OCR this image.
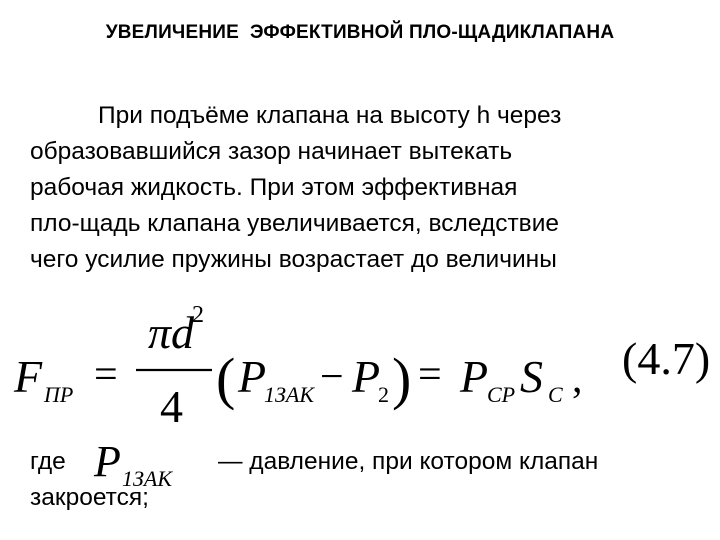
УВЕЛИЧЕНИЕ  ЭФФЕКТИВНОЙ ПЛО-ЩАДИКЛАПАНА
При подъёме клапана на высоту h через
образовавшийся зазор начинает вытекать
рабочая жидкость. При этом эффективная
пло-щадь клапана увеличивается, вследствие
чего усилие пружины возрастает до величины
F ПР =
πd
2
4 ( P
1ЗАК − P
2 ) = P
СР S С , (4.7)
где P 1ЗАК
— давление, при котором клапан
закроется;
